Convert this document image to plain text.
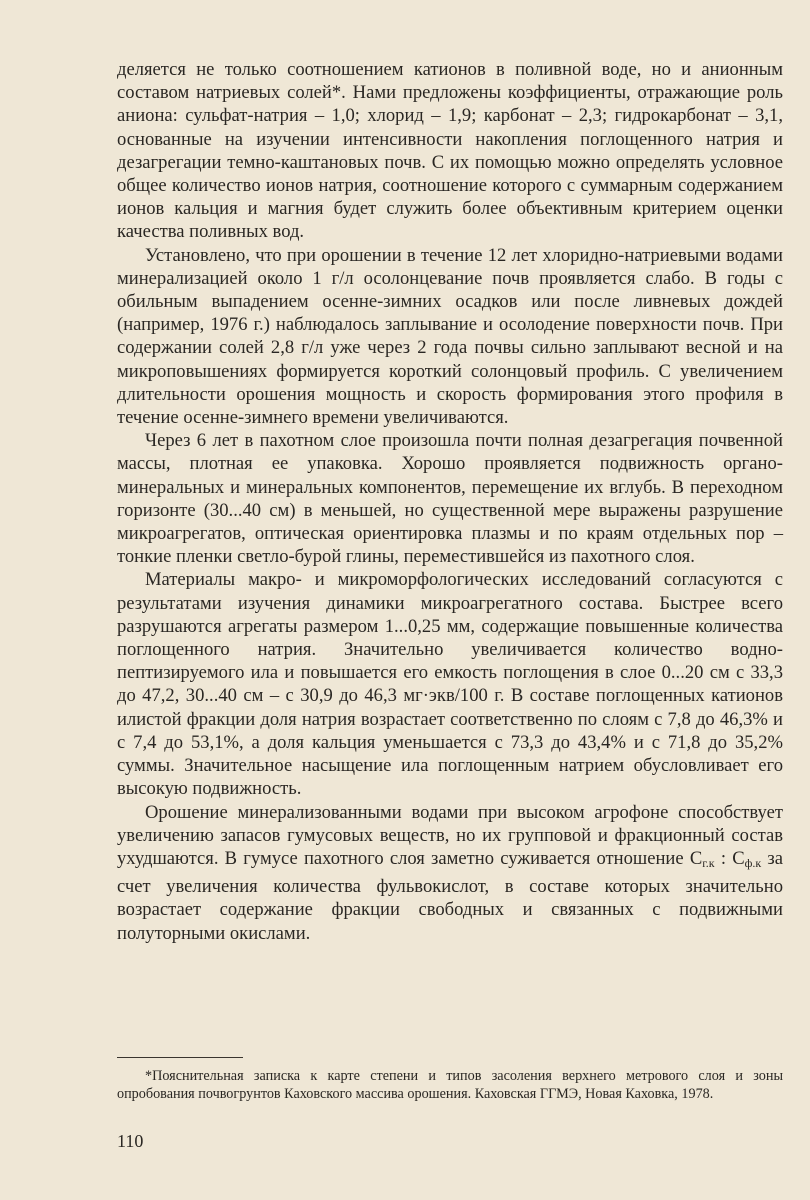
деляется не только соотношением катионов в поливной воде, но и анионным составом натриевых солей*. Нами предложены коэффициенты, отражающие роль аниона: сульфат-натрия – 1,0; хлорид – 1,9; карбонат – 2,3; гидрокарбонат – 3,1, основанные на изучении интенсивности накопления поглощенного натрия и дезагрегации темно-каштановых почв. С их помощью можно определять условное общее количество ионов натрия, соотношение которого с суммарным содержанием ионов кальция и магния будет служить более объективным критерием оценки качества поливных вод.

Установлено, что при орошении в течение 12 лет хлоридно-натриевыми водами минерализацией около 1 г/л осолонцевание почв проявляется слабо. В годы с обильным выпадением осенне-зимних осадков или после ливневых дождей (например, 1976 г.) наблюдалось заплывание и осолодение поверхности почв. При содержании солей 2,8 г/л уже через 2 года почвы сильно заплывают весной и на микроповышениях формируется короткий солонцовый профиль. С увеличением длительности орошения мощность и скорость формирования этого профиля в течение осенне-зимнего времени увеличиваются.

Через 6 лет в пахотном слое произошла почти полная дезагрегация почвенной массы, плотная ее упаковка. Хорошо проявляется подвижность органо-минеральных и минеральных компонентов, перемещение их вглубь. В переходном горизонте (30...40 см) в меньшей, но существенной мере выражены разрушение микроагрегатов, оптическая ориентировка плазмы и по краям отдельных пор – тонкие пленки светло-бурой глины, переместившейся из пахотного слоя.

Материалы макро- и микроморфологических исследований согласуются с результатами изучения динамики микроагрегатного состава. Быстрее всего разрушаются агрегаты размером 1...0,25 мм, содержащие повышенные количества поглощенного натрия. Значительно увеличивается количество водно-пептизируемого ила и повышается его емкость поглощения в слое 0...20 см с 33,3 до 47,2, 30...40 см – с 30,9 до 46,3 мг·экв/100 г. В составе поглощенных катионов илистой фракции доля натрия возрастает соответственно по слоям с 7,8 до 46,3% и с 7,4 до 53,1%, а доля кальция уменьшается с 73,3 до 43,4% и с 71,8 до 35,2% суммы. Значительное насыщение ила поглощенным натрием обусловливает его высокую подвижность.

Орошение минерализованными водами при высоком агрофоне способствует увеличению запасов гумусовых веществ, но их групповой и фракционный состав ухудшаются. В гумусе пахотного слоя заметно суживается отношение $С_{г.к}$ : $С_{ф.к}$ за счет увеличения количества фульвокислот, в составе которых значительно возрастает содержание фракции свободных и связанных с подвижными полуторными окислами.

*Пояснительная записка к карте степени и типов засоления верхнего метрового слоя и зоны опробования почвогрунтов Каховского массива орошения. Каховская ГГМЭ, Новая Каховка, 1978.

110
